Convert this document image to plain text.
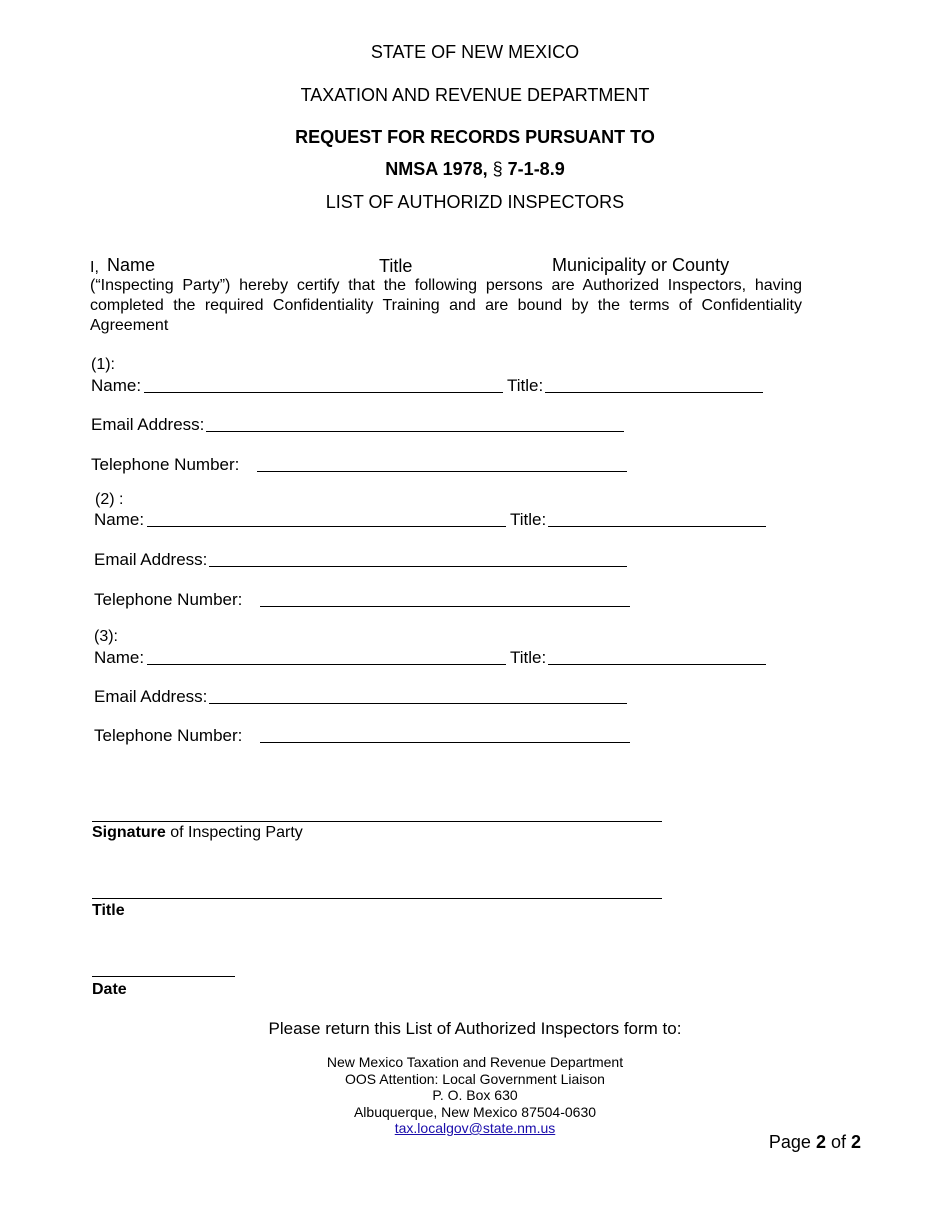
STATE OF NEW MEXICO
TAXATION AND REVENUE DEPARTMENT
REQUEST FOR RECORDS PURSUANT TO
NMSA 1978, § 7-1-8.9
LIST OF AUTHORIZD INSPECTORS
I, Name	Title	Municipality or County
(“Inspecting Party”) hereby certify that the following persons are Authorized Inspectors, having completed the required Confidentiality Training and are bound by the terms of Confidentiality Agreement
(1):
Name:	Title:
Email Address:
Telephone Number:
(2) :
Name:	Title:
Email Address:
Telephone Number:
(3):
Name:	Title:
Email Address:
Telephone Number:
Signature of Inspecting Party
Title
Date
Please return this List of Authorized Inspectors form to:
New Mexico Taxation and Revenue Department
OOS Attention: Local Government Liaison
P. O. Box 630
Albuquerque, New Mexico 87504-0630
tax.localgov@state.nm.us
Page 2 of 2
